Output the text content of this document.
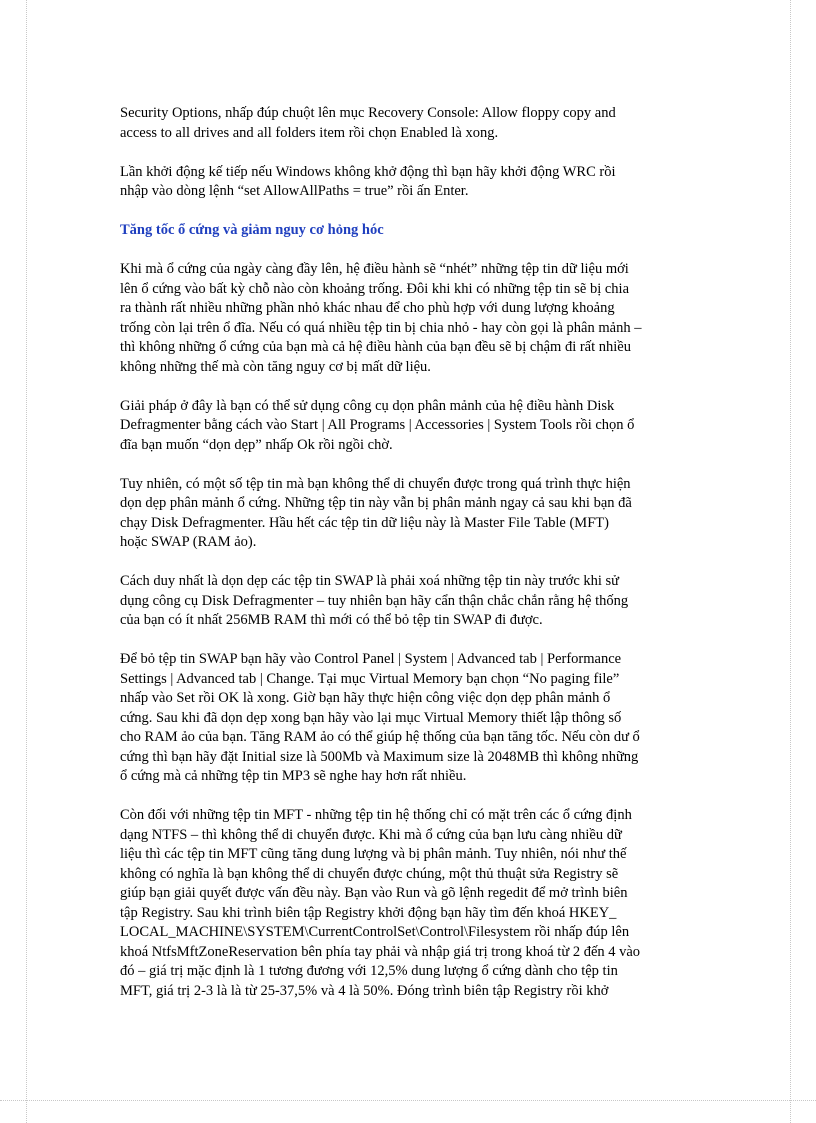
Security Options, nhấp đúp chuột lên mục Recovery Console: Allow floppy copy and
access to all drives and all folders item rồi chọn Enabled là xong.
Lần khởi động kế tiếp nếu Windows không khở động thì bạn hãy khởi động WRC rồi
nhập vào dòng lệnh “set AllowAllPaths = true” rồi ấn Enter.
Tăng tốc ổ cứng và giảm nguy cơ hỏng hóc
Khi mà ổ cứng của ngày càng đầy lên, hệ điều hành sẽ “nhét” những tệp tin dữ liệu mới
lên ổ cứng vào bất kỳ chỗ nào còn khoảng trống. Đôi khi khi có những tệp tin sẽ bị chia
ra thành rất nhiều những phần nhỏ khác nhau để cho phù hợp với dung lượng khoảng
trống còn lại trên ổ đĩa. Nếu có quá nhiều tệp tin bị chia nhỏ - hay còn gọi là phân mảnh –
thì không những ổ cứng của bạn mà cả hệ điều hành của bạn đều sẽ bị chậm đi rất nhiều
không những thế mà còn tăng nguy cơ bị mất dữ liệu.
Giải pháp ở đây là bạn có thể sử dụng công cụ dọn phân mảnh của hệ điều hành Disk
Defragmenter bằng cách vào Start | All Programs | Accessories | System Tools rồi chọn ổ
đĩa bạn muốn “dọn dẹp” nhấp Ok rồi ngồi chờ.
Tuy nhiên, có một số tệp tin mà bạn không thể di chuyển được trong quá trình thực hiện
dọn dẹp phân mảnh ổ cứng. Những tệp tin này vẫn bị phân mảnh ngay cả sau khi bạn đã
chạy Disk Defragmenter. Hầu hết các tệp tin dữ liệu này là Master File Table (MFT)
hoặc SWAP (RAM ảo).
Cách duy nhất là dọn dẹp các tệp tin SWAP là phải xoá những tệp tin này trước khi sử
dụng công cụ Disk Defragmenter – tuy nhiên bạn hãy cẩn thận chắc chắn rằng hệ thống
của bạn có ít nhất 256MB RAM thì mới có thể bỏ tệp tin SWAP đi được.
Để bỏ tệp tin SWAP bạn hãy vào Control Panel | System | Advanced tab | Performance
Settings | Advanced tab | Change. Tại mục Virtual Memory bạn chọn “No paging file”
nhấp vào Set rồi OK là xong. Giờ bạn hãy thực hiện công việc dọn dẹp phân mảnh ổ
cứng. Sau khi đã dọn dẹp xong bạn hãy vào lại mục Virtual Memory thiết lập thông số
cho RAM ảo của bạn. Tăng RAM ảo có thể giúp hệ thống của bạn tăng tốc. Nếu còn dư ổ
cứng thì bạn hãy đặt Initial size là 500Mb và Maximum size là 2048MB thì không những
ổ cứng mà cả những tệp tin MP3 sẽ nghe hay hơn rất nhiều.
Còn đối với những tệp tin MFT - những tệp tin hệ thống chỉ có mặt trên các ổ cứng định
dạng NTFS – thì không thể di chuyển được. Khi mà ổ cứng của bạn lưu càng nhiều dữ
liệu thì các tệp tin MFT cũng tăng dung lượng và bị phân mảnh. Tuy nhiên, nói như thế
không có nghĩa là bạn không thể di chuyển được chúng, một thủ thuật sửa Registry sẽ
giúp bạn giải quyết được vấn đều này. Bạn vào Run và gõ lệnh regedit để mở trình biên
tập Registry. Sau khi trình biên tập Registry khởi động bạn hãy tìm đến khoá HKEY_
LOCAL_MACHINE\SYSTEM\CurrentControlSet\Control\Filesystem rồi nhấp đúp lên
khoá NtfsMftZoneReservation bên phía tay phải và nhập giá trị trong khoá từ 2 đến 4 vào
đó – giá trị mặc định là 1 tương đương với 12,5% dung lượng ổ cứng dành cho tệp tin
MFT, giá trị 2-3 là là từ 25-37,5% và 4 là 50%. Đóng trình biên tập Registry rồi khở
